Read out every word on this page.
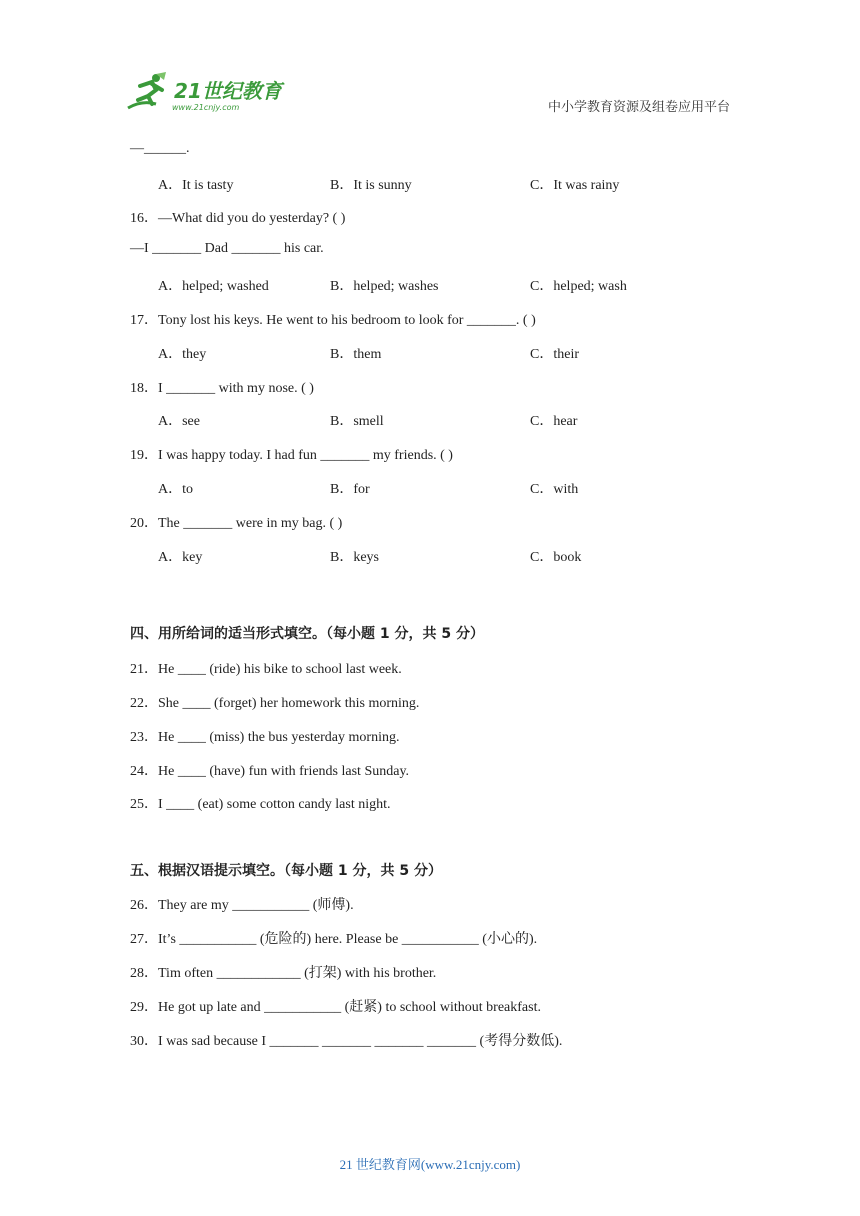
21世纪教育
www.21cnjy.com	中小学教育资源及组卷应用平台
—______.
A．It is tasty	B．It is sunny	C．It was rainy
16．—What did you do yesterday? ( )
—I _______ Dad _______ his car.
A．helped; washed	B．helped; washes	C．helped; wash
17．Tony lost his keys. He went to his bedroom to look for _______. ( )
A．they	B．them	C．their
18．I _______ with my nose. ( )
A．see	B．smell	C．hear
19．I was happy today. I had fun _______ my friends. ( )
A．to	B．for	C．with
20．The _______ were in my bag. ( )
A．key	B．keys	C．book
四、用所给词的适当形式填空。（每小题 1 分，共 5 分）
21．He ____ (ride) his bike to school last week.
22．She ____ (forget) her homework this morning.
23．He ____ (miss) the bus yesterday morning.
24．He ____ (have) fun with friends last Sunday.
25．I ____ (eat) some cotton candy last night.
五、根据汉语提示填空。（每小题 1 分，共 5 分）
26．They are my ___________ (师傅).
27．It’s ___________ (危险的) here. Please be ___________ (小心的).
28．Tim often ____________ (打架) with his brother.
29．He got up late and ___________ (赶紧) to school without breakfast.
30．I was sad because I _______ _______ _______ _______ (考得分数低).
21 世纪教育网(www.21cnjy.com)
